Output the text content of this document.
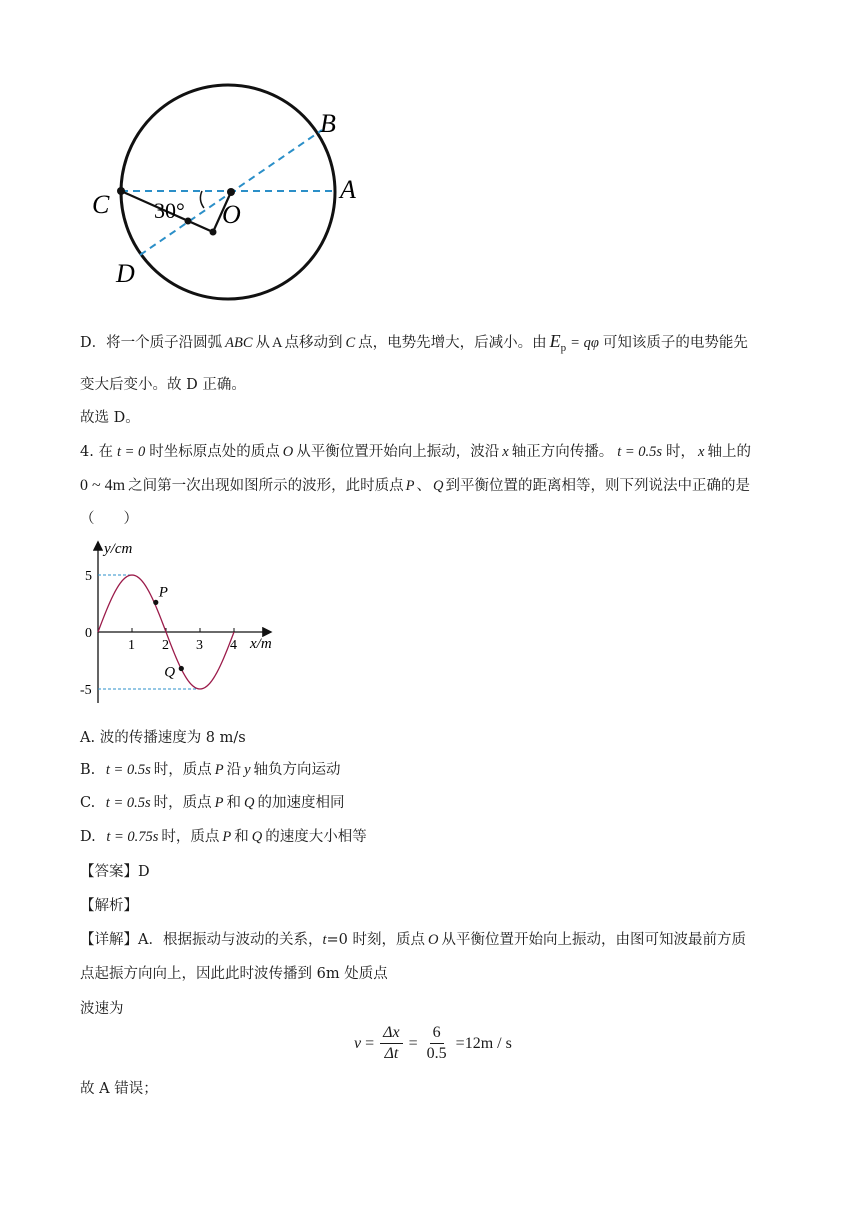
B
A
C
D
O
30°
D．将一个质子沿圆弧 ABC 从 A 点移动到 C 点，电势先增大，后减小。由 $E_p = q\varphi$ 可知该质子的电势能先
变大后变小。故 D 正确。
故选 D。
4. 在 t = 0 时坐标原点处的质点 O 从平衡位置开始向上振动，波沿 x 轴正方向传播。 t = 0.5s 时， x 轴上的
0 ~ 4m 之间第一次出现如图所示的波形，此时质点 P 、 Q 到平衡位置的距离相等，则下列说法中正确的是
（　　）
y/cm
x/m
1 2 3 4
5
0
-5
P
Q
A. 波的传播速度为 8 m/s
B. t = 0.5s 时，质点 P 沿 y 轴负方向运动
C. t = 0.5s 时，质点 P 和 Q 的加速度相同
D. t = 0.75s 时，质点 P 和 Q 的速度大小相等
【答案】D
【解析】
【详解】A．根据振动与波动的关系，t=0 时刻，质点 O 从平衡位置开始向上振动，由图可知波最前方质
点起振方向向上，因此此时波传播到 6m 处质点
波速为
$v = \frac{\Delta x}{\Delta t} = \frac{6}{0.5} =12m / s$
故 A 错误；
